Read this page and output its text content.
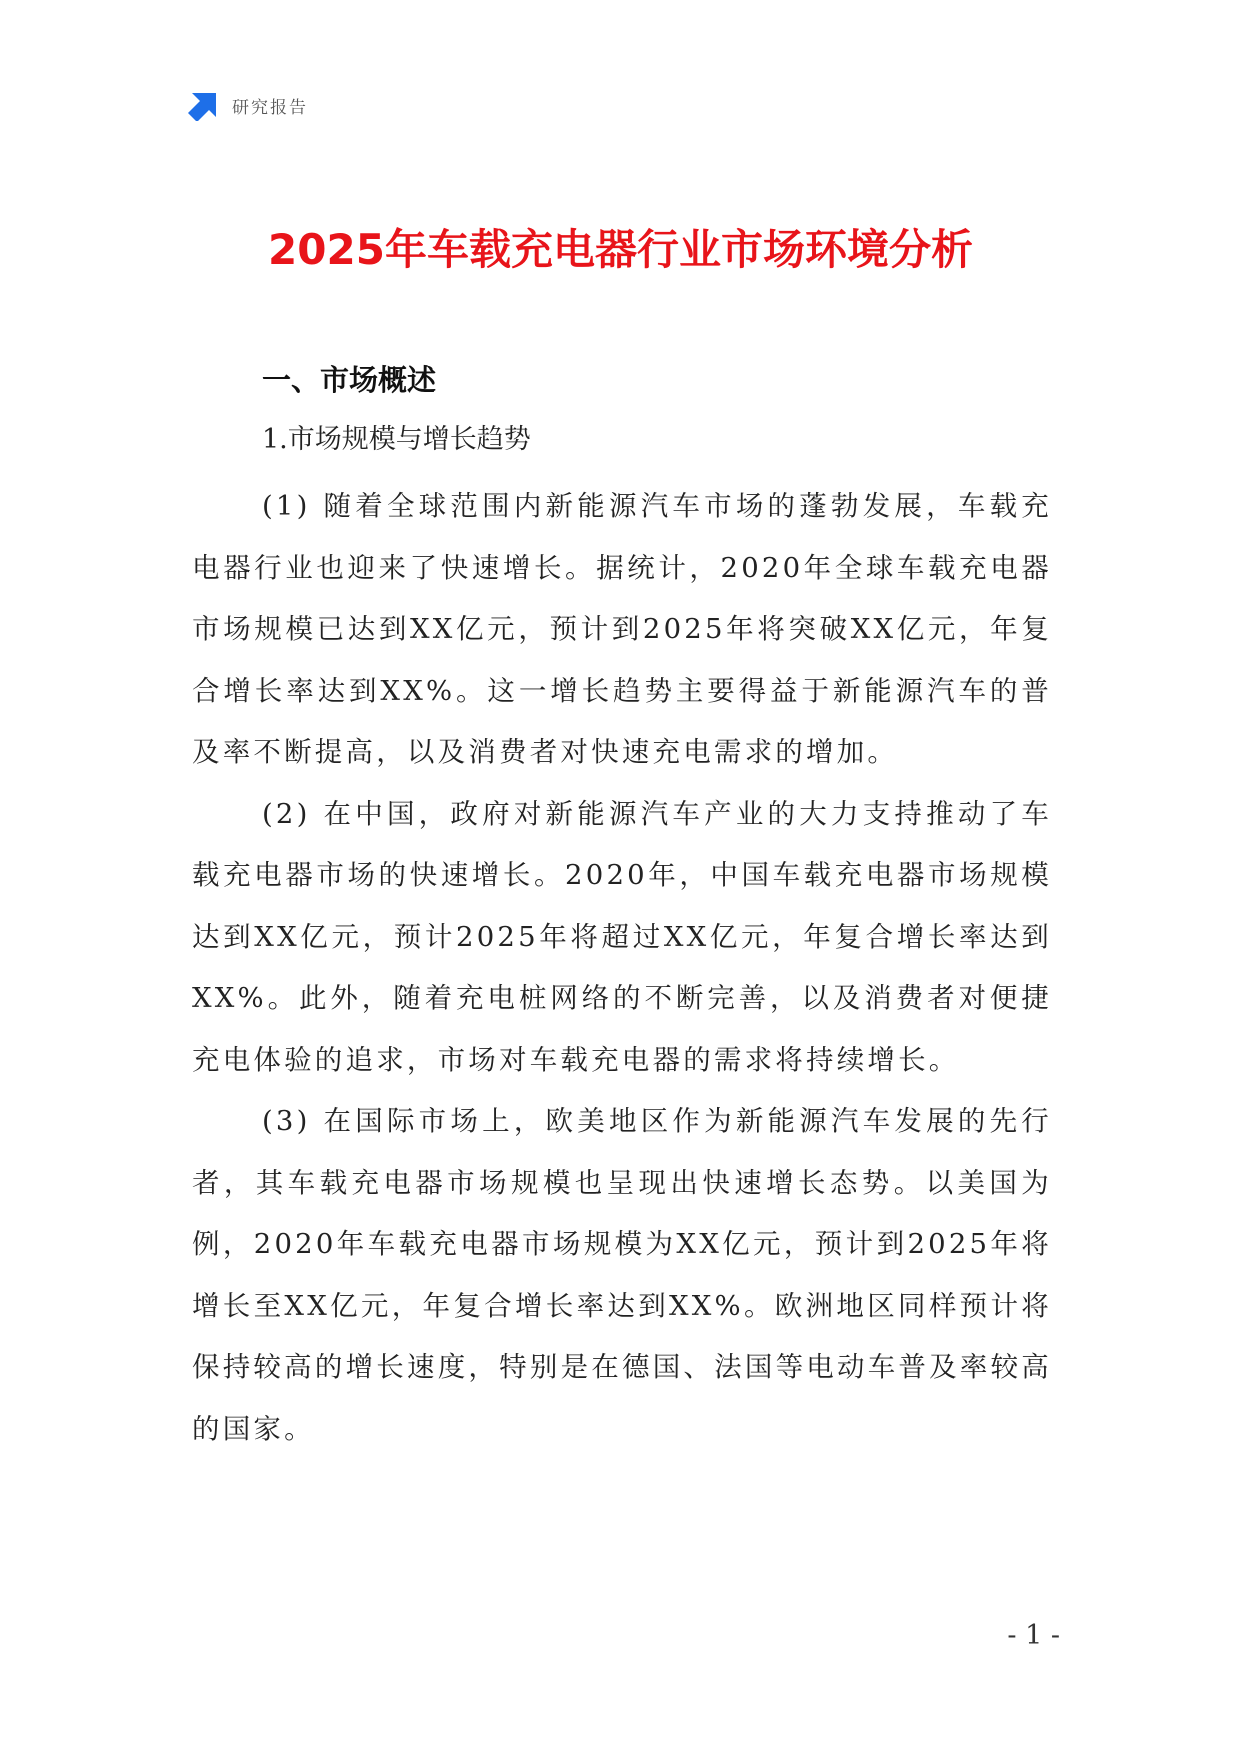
研究报告
2025年车载充电器行业市场环境分析
一、市场概述
1.市场规模与增长趋势

(1) 随着全球范围内新能源汽车市场的蓬勃发展，车载充电器行业也迎来了快速增长。据统计，2020年全球车载充电器市场规模已达到XX亿元，预计到2025年将突破XX亿元，年复合增长率达到XX%。这一增长趋势主要得益于新能源汽车的普及率不断提高，以及消费者对快速充电需求的增加。

(2) 在中国，政府对新能源汽车产业的大力支持推动了车载充电器市场的快速增长。2020年，中国车载充电器市场规模达到XX亿元，预计2025年将超过XX亿元，年复合增长率达到XX%。此外，随着充电桩网络的不断完善，以及消费者对便捷充电体验的追求，市场对车载充电器的需求将持续增长。

(3) 在国际市场上，欧美地区作为新能源汽车发展的先行者，其车载充电器市场规模也呈现出快速增长态势。以美国为例，2020年车载充电器市场规模为XX亿元，预计到2025年将增长至XX亿元，年复合增长率达到XX%。欧洲地区同样预计将保持较高的增长速度，特别是在德国、法国等电动车普及率较高的国家。

- 1 -
